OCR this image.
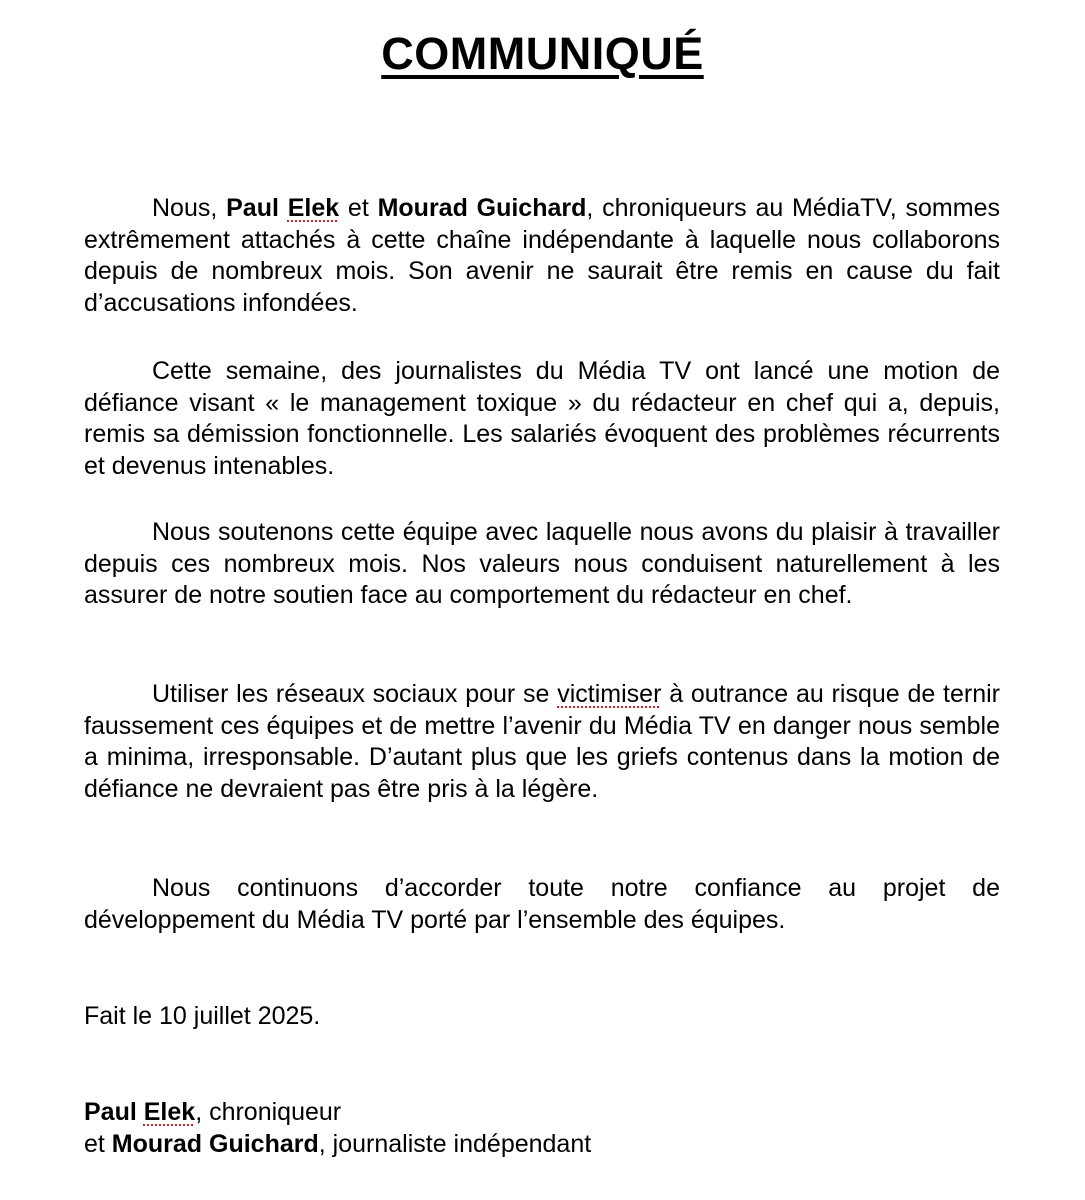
COMMUNIQUÉ

Nous, Paul Elek et Mourad Guichard, chroniqueurs au MédiaTV, sommes extrêmement attachés à cette chaîne indépendante à laquelle nous collaborons depuis de nombreux mois. Son avenir ne saurait être remis en cause du fait d’accusations infondées.

Cette semaine, des journalistes du Média TV ont lancé une motion de défiance visant « le management toxique » du rédacteur en chef qui a, depuis, remis sa démission fonctionnelle. Les salariés évoquent des problèmes récurrents et devenus intenables.

Nous soutenons cette équipe avec laquelle nous avons du plaisir à travailler depuis ces nombreux mois. Nos valeurs nous conduisent naturellement à les assurer de notre soutien face au comportement du rédacteur en chef.

Utiliser les réseaux sociaux pour se victimiser à outrance au risque de ternir faussement ces équipes et de mettre l’avenir du Média TV en danger nous semble a minima, irresponsable. D’autant plus que les griefs contenus dans la motion de défiance ne devraient pas être pris à la légère.

Nous continuons d’accorder toute notre confiance au projet de développement du Média TV porté par l’ensemble des équipes.

Fait le 10 juillet 2025.

Paul Elek, chroniqueur

et Mourad Guichard, journaliste indépendant
